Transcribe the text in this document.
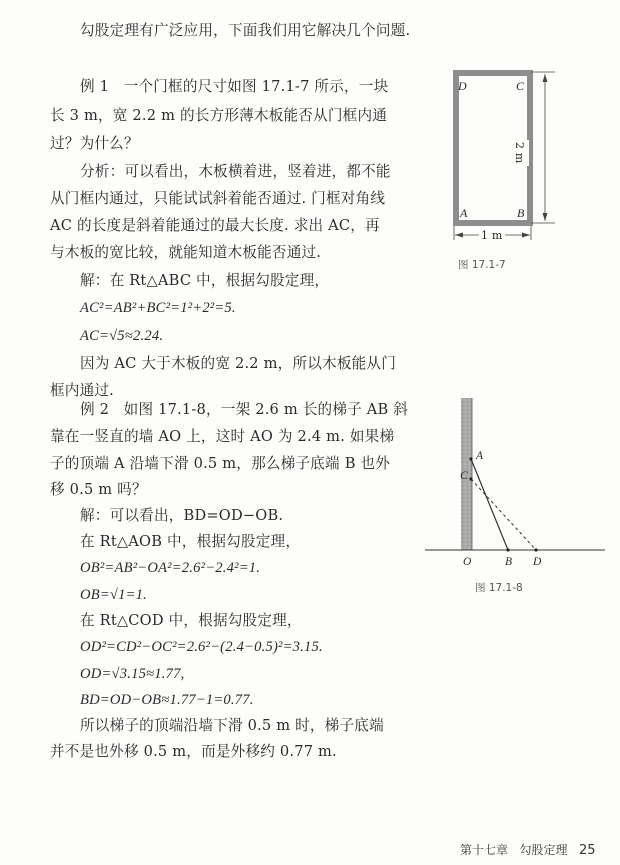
勾股定理有广泛应用，下面我们用它解决几个问题.
例 1 一个门框的尺寸如图 17.1-7 所示，一块
长 3 m，宽 2.2 m 的长方形薄木板能否从门框内通
过？为什么？
分析：可以看出，木板横着进，竖着进，都不能
从门框内通过，只能试试斜着能否通过. 门框对角线
AC 的长度是斜着能通过的最大长度. 求出 AC，再
与木板的宽比较，就能知道木板能否通过.
解：在 Rt△ABC 中，根据勾股定理，
AC²=AB²+BC²=1²+2²=5.
AC=√5≈2.24.
因为 AC 大于木板的宽 2.2 m，所以木板能从门
框内通过.
D	C
A	B
1 m
2 m
图 17.1-7
例 2 如图 17.1-8，一架 2.6 m 长的梯子 AB 斜
靠在一竖直的墙 AO 上，这时 AO 为 2.4 m. 如果梯
子的顶端 A 沿墙下滑 0.5 m，那么梯子底端 B 也外
移 0.5 m 吗？
解：可以看出，BD=OD−OB.
在 Rt△AOB 中，根据勾股定理，
OB²=AB²−OA²=2.6²−2.4²=1.
OB=√1=1.
在 Rt△COD 中，根据勾股定理，
OD²=CD²−OC²=2.6²−(2.4−0.5)²=3.15.
OD=√3.15≈1.77,
BD=OD−OB≈1.77−1=0.77.
所以梯子的顶端沿墙下滑 0.5 m 时，梯子底端
并不是也外移 0.5 m，而是外移约 0.77 m.
A
C
O	B D
图 17.1-8
第十七章 勾股定理 25
